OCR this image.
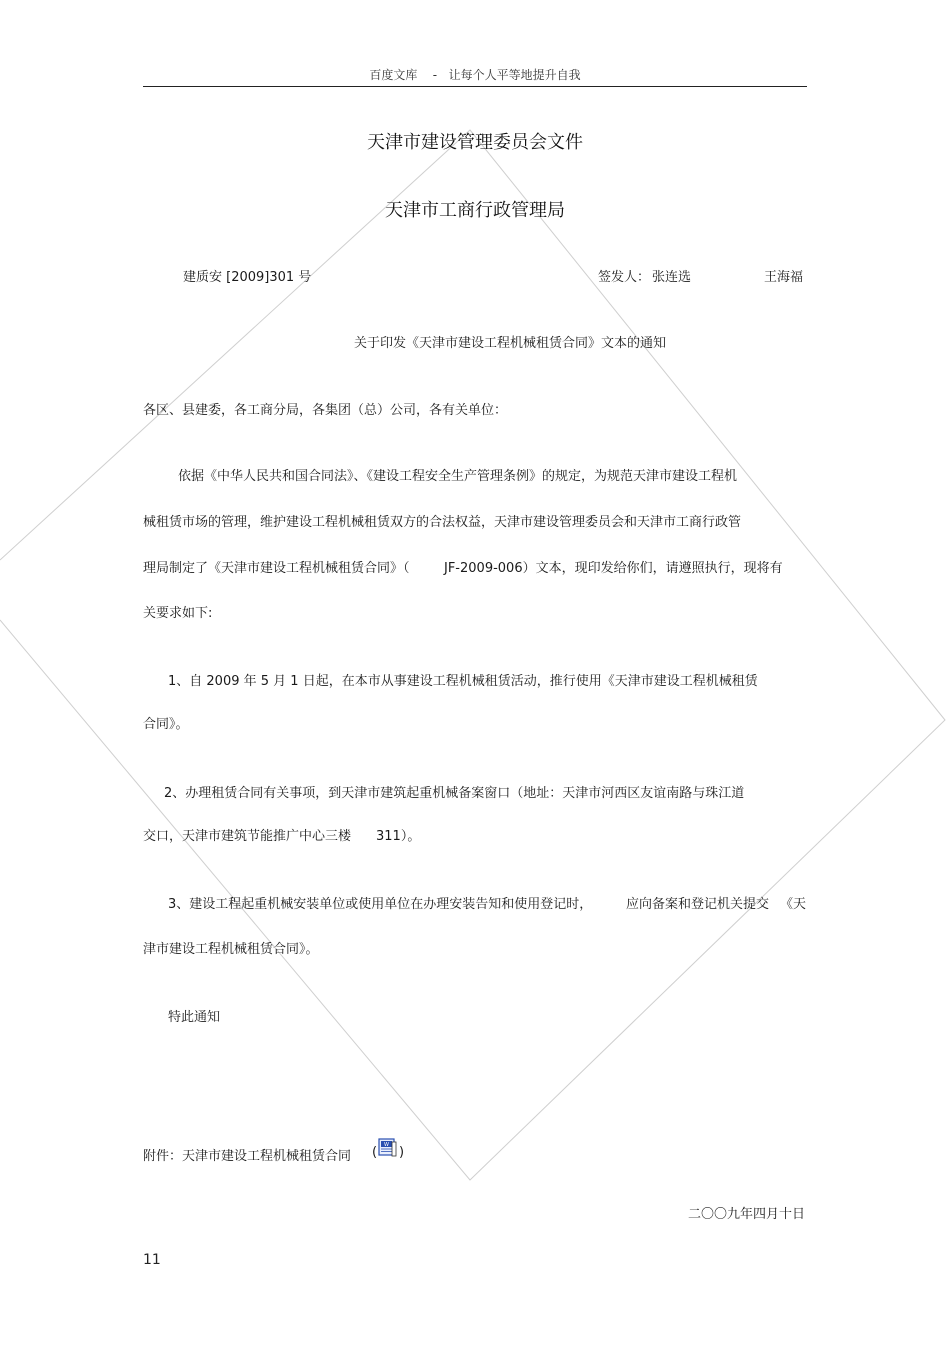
百度文库 - 让每个人平等地提升自我
天津市建设管理委员会文件
天津市工商行政管理局
建质安 [2009]301 号	签发人： 张连选	王海福
关于印发《天津市建设工程机械租赁合同》文本的通知
各区、县建委，各工商分局，各集团（总）公司，各有关单位：
依据《中华人民共和国合同法》、《建设工程安全生产管理条例》的规定，为规范天津市建设工程机
械租赁市场的管理，维护建设工程机械租赁双方的合法权益，天津市建设管理委员会和天津市工商行政管
理局制定了《天津市建设工程机械租赁合同》（	JF-2009-006）文本，现印发给你们，请遵照执行，现将有
关要求如下:
1、自 2009 年 5 月 1 日起，在本市从事建设工程机械租赁活动，推行使用《天津市建设工程机械租赁
合同》。
2、办理租赁合同有关事项，到天津市建筑起重机械备案窗口（地址：天津市河西区友谊南路与珠江道
交口，天津市建筑节能推广中心三楼 311）。
3、建设工程起重机械安装单位或使用单位在办理安装告知和使用登记时，	应向备案和登记机关提交 《天
津市建设工程机械租赁合同》。
特此通知
附件：天津市建设工程机械租赁合同 ( W )
二〇〇九年四月十日
11
